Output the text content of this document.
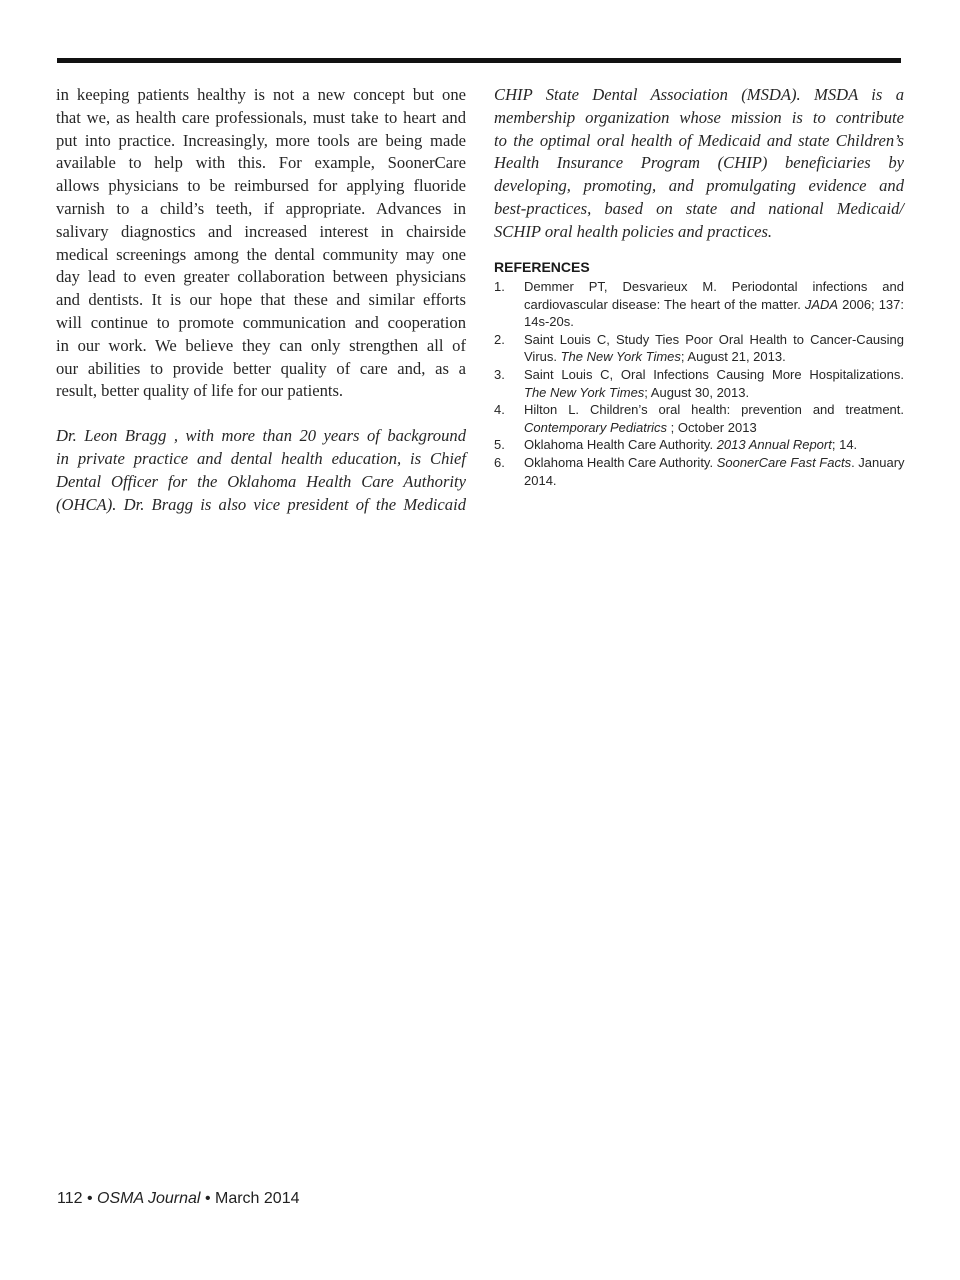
in keeping patients healthy is not a new concept but one
that we, as health care professionals, must take to heart and
put into practice. Increasingly, more tools are being made
available to help with this. For example, SoonerCare
allows physicians to be reimbursed for applying fluoride
varnish to a child’s teeth, if appropriate. Advances in
salivary diagnostics and increased interest in chairside
medical screenings among the dental community may one
day lead to even greater collaboration between physicians
and dentists. It is our hope that these and similar efforts
will continue to promote communication and cooperation
in our work. We believe they can only strengthen all of
our abilities to provide better quality of care and, as a
result, better quality of life for our patients.

Dr. Leon Bragg , with more than 20 years of background
in private practice and dental health education, is Chief
Dental Officer for the Oklahoma Health Care Authority
(OHCA). Dr. Bragg is also vice president of the Medicaid

CHIP State Dental Association (MSDA). MSDA is a
membership organization whose mission is to contribute
to the optimal oral health of Medicaid and state Children’s
Health Insurance Program (CHIP) beneficiaries by
developing, promoting, and promulgating evidence and
best-practices, based on state and national Medicaid/
SCHIP oral health policies and practices.

REFERENCES
1. Demmer PT, Desvarieux M. Periodontal infections and
cardiovascular disease: The heart of the matter. JADA 2006; 137:
14s-20s.
2. Saint Louis C, Study Ties Poor Oral Health to Cancer-Causing
Virus. The New York Times; August 21, 2013.
3. Saint Louis C, Oral Infections Causing More Hospitalizations.
The New York Times; August 30, 2013.
4. Hilton L. Children’s oral health: prevention and treatment.
Contemporary Pediatrics ; October 2013
5. Oklahoma Health Care Authority. 2013 Annual Report; 14.
6. Oklahoma Health Care Authority. SoonerCare Fast Facts. January
2014.
112 • OSMA Journal • March 2014
